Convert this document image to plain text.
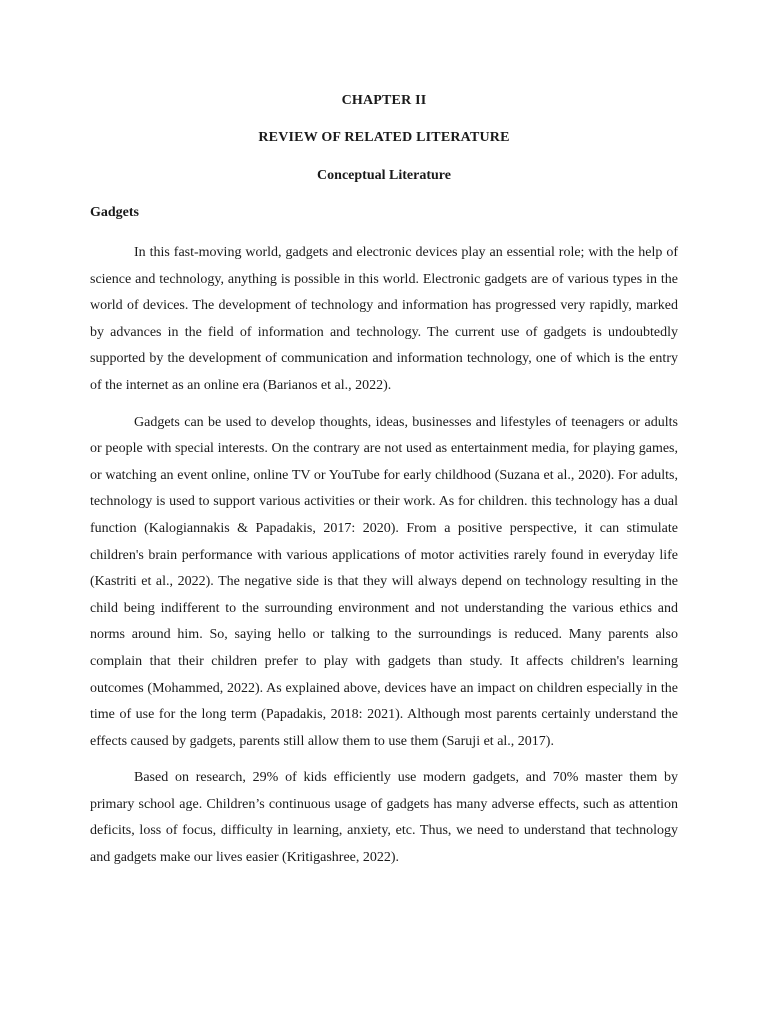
CHAPTER II
REVIEW OF RELATED LITERATURE
Conceptual Literature
Gadgets

In this fast-moving world, gadgets and electronic devices play an essential role; with the help of science and technology, anything is possible in this world. Electronic gadgets are of various types in the world of devices. The development of technology and information has progressed very rapidly, marked by advances in the field of information and technology. The current use of gadgets is undoubtedly supported by the development of communication and information technology, one of which is the entry of the internet as an online era (Barianos et al., 2022).

Gadgets can be used to develop thoughts, ideas, businesses and lifestyles of teenagers or adults or people with special interests. On the contrary are not used as entertainment media, for playing games, or watching an event online, online TV or YouTube for early childhood (Suzana et al., 2020). For adults, technology is used to support various activities or their work. As for children. this technology has a dual function (Kalogiannakis & Papadakis, 2017: 2020). From a positive perspective, it can stimulate children's brain performance with various applications of motor activities rarely found in everyday life (Kastriti et al., 2022). The negative side is that they will always depend on technology resulting in the child being indifferent to the surrounding environment and not understanding the various ethics and norms around him. So, saying hello or talking to the surroundings is reduced. Many parents also complain that their children prefer to play with gadgets than study. It affects children's learning outcomes (Mohammed, 2022). As explained above, devices have an impact on children especially in the time of use for the long term (Papadakis, 2018: 2021). Although most parents certainly understand the effects caused by gadgets, parents still allow them to use them (Saruji et al., 2017).

Based on research, 29% of kids efficiently use modern gadgets, and 70% master them by primary school age. Children’s continuous usage of gadgets has many adverse effects, such as attention deficits, loss of focus, difficulty in learning, anxiety, etc. Thus, we need to understand that technology and gadgets make our lives easier (Kritigashree, 2022).
